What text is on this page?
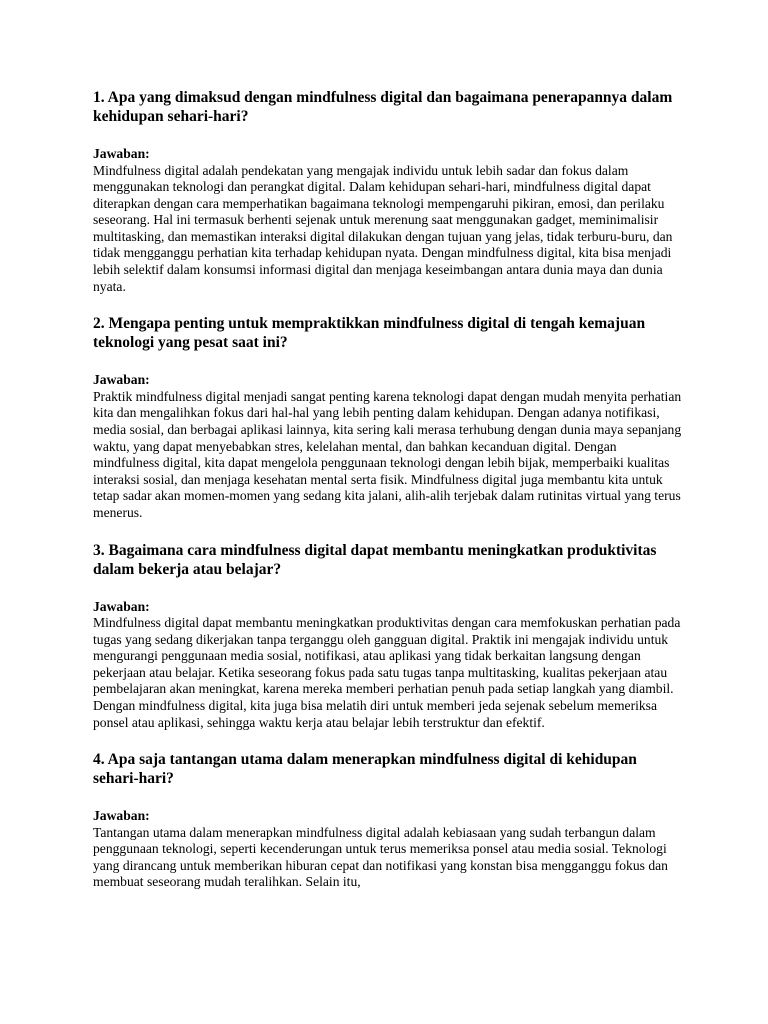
1. Apa yang dimaksud dengan mindfulness digital dan bagaimana penerapannya dalam kehidupan sehari-hari?

Jawaban:

Mindfulness digital adalah pendekatan yang mengajak individu untuk lebih sadar dan fokus dalam menggunakan teknologi dan perangkat digital. Dalam kehidupan sehari-hari, mindfulness digital dapat diterapkan dengan cara memperhatikan bagaimana teknologi mempengaruhi pikiran, emosi, dan perilaku seseorang. Hal ini termasuk berhenti sejenak untuk merenung saat menggunakan gadget, meminimalisir multitasking, dan memastikan interaksi digital dilakukan dengan tujuan yang jelas, tidak terburu-buru, dan tidak mengganggu perhatian kita terhadap kehidupan nyata. Dengan mindfulness digital, kita bisa menjadi lebih selektif dalam konsumsi informasi digital dan menjaga keseimbangan antara dunia maya dan dunia nyata.

2. Mengapa penting untuk mempraktikkan mindfulness digital di tengah kemajuan teknologi yang pesat saat ini?

Jawaban:

Praktik mindfulness digital menjadi sangat penting karena teknologi dapat dengan mudah menyita perhatian kita dan mengalihkan fokus dari hal-hal yang lebih penting dalam kehidupan. Dengan adanya notifikasi, media sosial, dan berbagai aplikasi lainnya, kita sering kali merasa terhubung dengan dunia maya sepanjang waktu, yang dapat menyebabkan stres, kelelahan mental, dan bahkan kecanduan digital. Dengan mindfulness digital, kita dapat mengelola penggunaan teknologi dengan lebih bijak, memperbaiki kualitas interaksi sosial, dan menjaga kesehatan mental serta fisik. Mindfulness digital juga membantu kita untuk tetap sadar akan momen-momen yang sedang kita jalani, alih-alih terjebak dalam rutinitas virtual yang terus menerus.

3. Bagaimana cara mindfulness digital dapat membantu meningkatkan produktivitas dalam bekerja atau belajar?

Jawaban:

Mindfulness digital dapat membantu meningkatkan produktivitas dengan cara memfokuskan perhatian pada tugas yang sedang dikerjakan tanpa terganggu oleh gangguan digital. Praktik ini mengajak individu untuk mengurangi penggunaan media sosial, notifikasi, atau aplikasi yang tidak berkaitan langsung dengan pekerjaan atau belajar. Ketika seseorang fokus pada satu tugas tanpa multitasking, kualitas pekerjaan atau pembelajaran akan meningkat, karena mereka memberi perhatian penuh pada setiap langkah yang diambil. Dengan mindfulness digital, kita juga bisa melatih diri untuk memberi jeda sejenak sebelum memeriksa ponsel atau aplikasi, sehingga waktu kerja atau belajar lebih terstruktur dan efektif.

4. Apa saja tantangan utama dalam menerapkan mindfulness digital di kehidupan sehari-hari?

Jawaban:

Tantangan utama dalam menerapkan mindfulness digital adalah kebiasaan yang sudah terbangun dalam penggunaan teknologi, seperti kecenderungan untuk terus memeriksa ponsel atau media sosial. Teknologi yang dirancang untuk memberikan hiburan cepat dan notifikasi yang konstan bisa mengganggu fokus dan membuat seseorang mudah teralihkan. Selain itu,
